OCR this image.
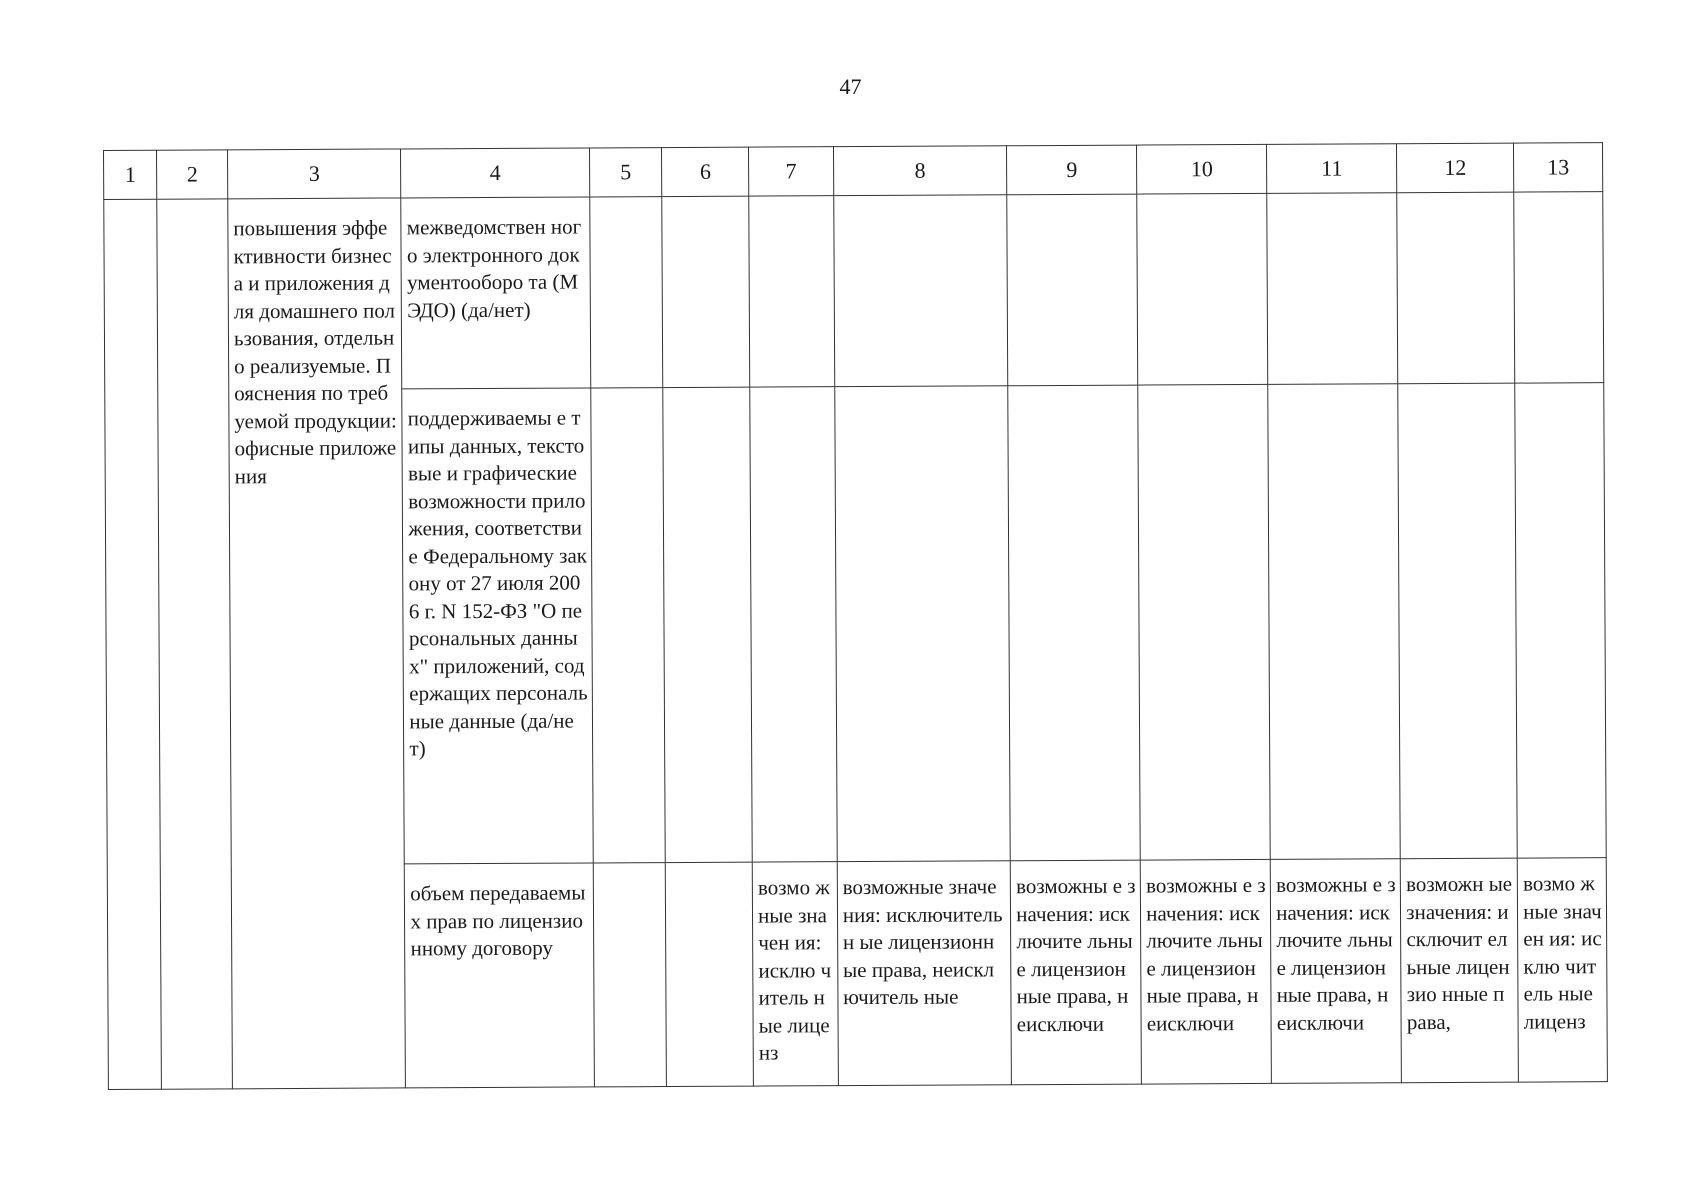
47
1	2	3	4	5	6	7	8	9	10	11	12	13

		повышения эффективности бизнеса и приложения для домашнего пользования, отдельно реализуемые. Пояснения по требуемой продукции: офисные приложения	межведомствен ного электронного документооборо та (МЭДО) (да/нет)									

			поддерживаемы е типы данных, текстовые и графические возможности приложения, соответствие Федеральному закону от 27 июля 2006 г. N 152-ФЗ "О персональных данных" приложений, содержащих персональные данные (да/нет)									

			объем передаваемых прав по лицензионному договору			возмо жные значен ия: исклю читель ные лиценз	возможные значения: исключительн ые лицензионные права, неисключитель ные	возможны е значения: исключите льные лицензион ные права, неисключи	возможны е значения: исключите льные лицензион ные права, неисключи	возможны е значения: исключите льные лицензион ные права, неисключи	возможн ые значения: исключит ельные лицензио нные права,	возмо жные значен ия: исклю читель ные лиценз
